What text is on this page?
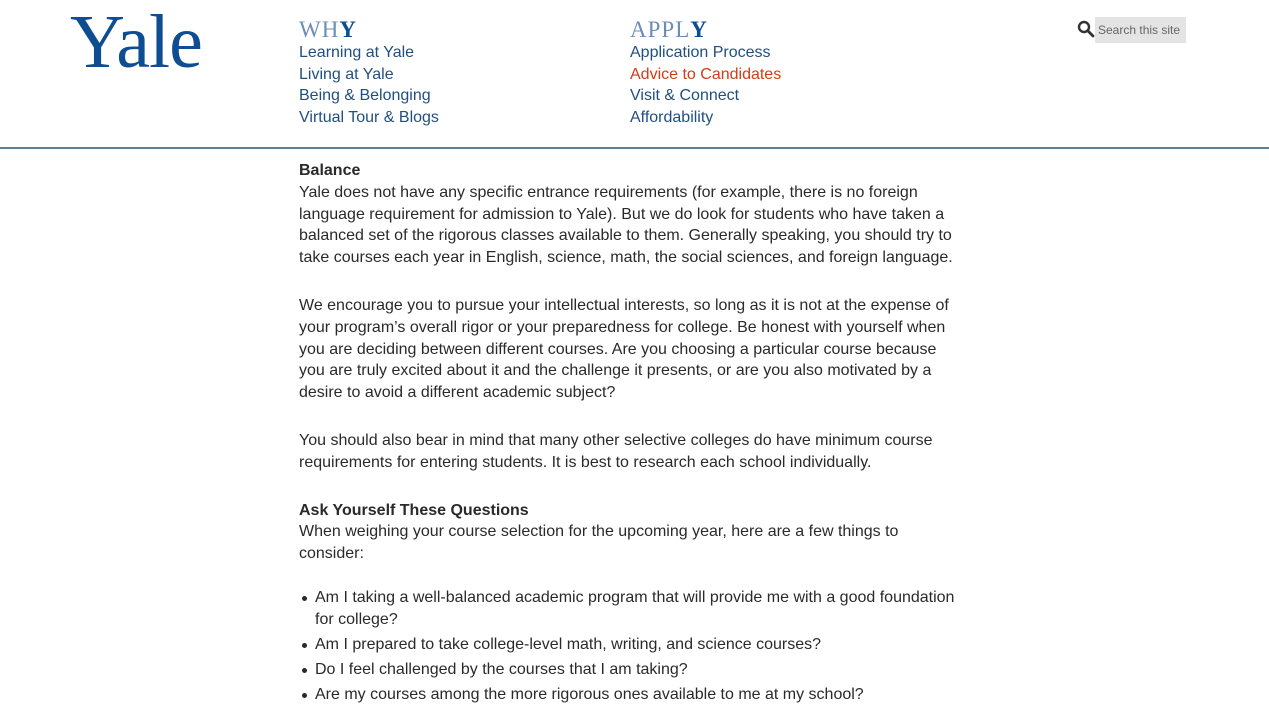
Yale	WHY
Learning at Yale
Living at Yale
Being & Belonging
Virtual Tour & Blogs
APPLY
Application Process
Advice to Candidates
Visit & Connect
Affordability
Search this site

Balance
Yale does not have any specific entrance requirements (for example, there is no foreign language requirement for admission to Yale). But we do look for students who have taken a balanced set of the rigorous classes available to them. Generally speaking, you should try to take courses each year in English, science, math, the social sciences, and foreign language.

We encourage you to pursue your intellectual interests, so long as it is not at the expense of your program’s overall rigor or your preparedness for college. Be honest with yourself when you are deciding between different courses. Are you choosing a particular course because you are truly excited about it and the challenge it presents, or are you also motivated by a desire to avoid a different academic subject?

You should also bear in mind that many other selective colleges do have minimum course requirements for entering students. It is best to research each school individually.

Ask Yourself These Questions
When weighing your course selection for the upcoming year, here are a few things to consider:

Am I taking a well-balanced academic program that will provide me with a good foundation for college?
Am I prepared to take college-level math, writing, and science courses?
Do I feel challenged by the courses that I am taking?
Are my courses among the more rigorous ones available to me at my school?
